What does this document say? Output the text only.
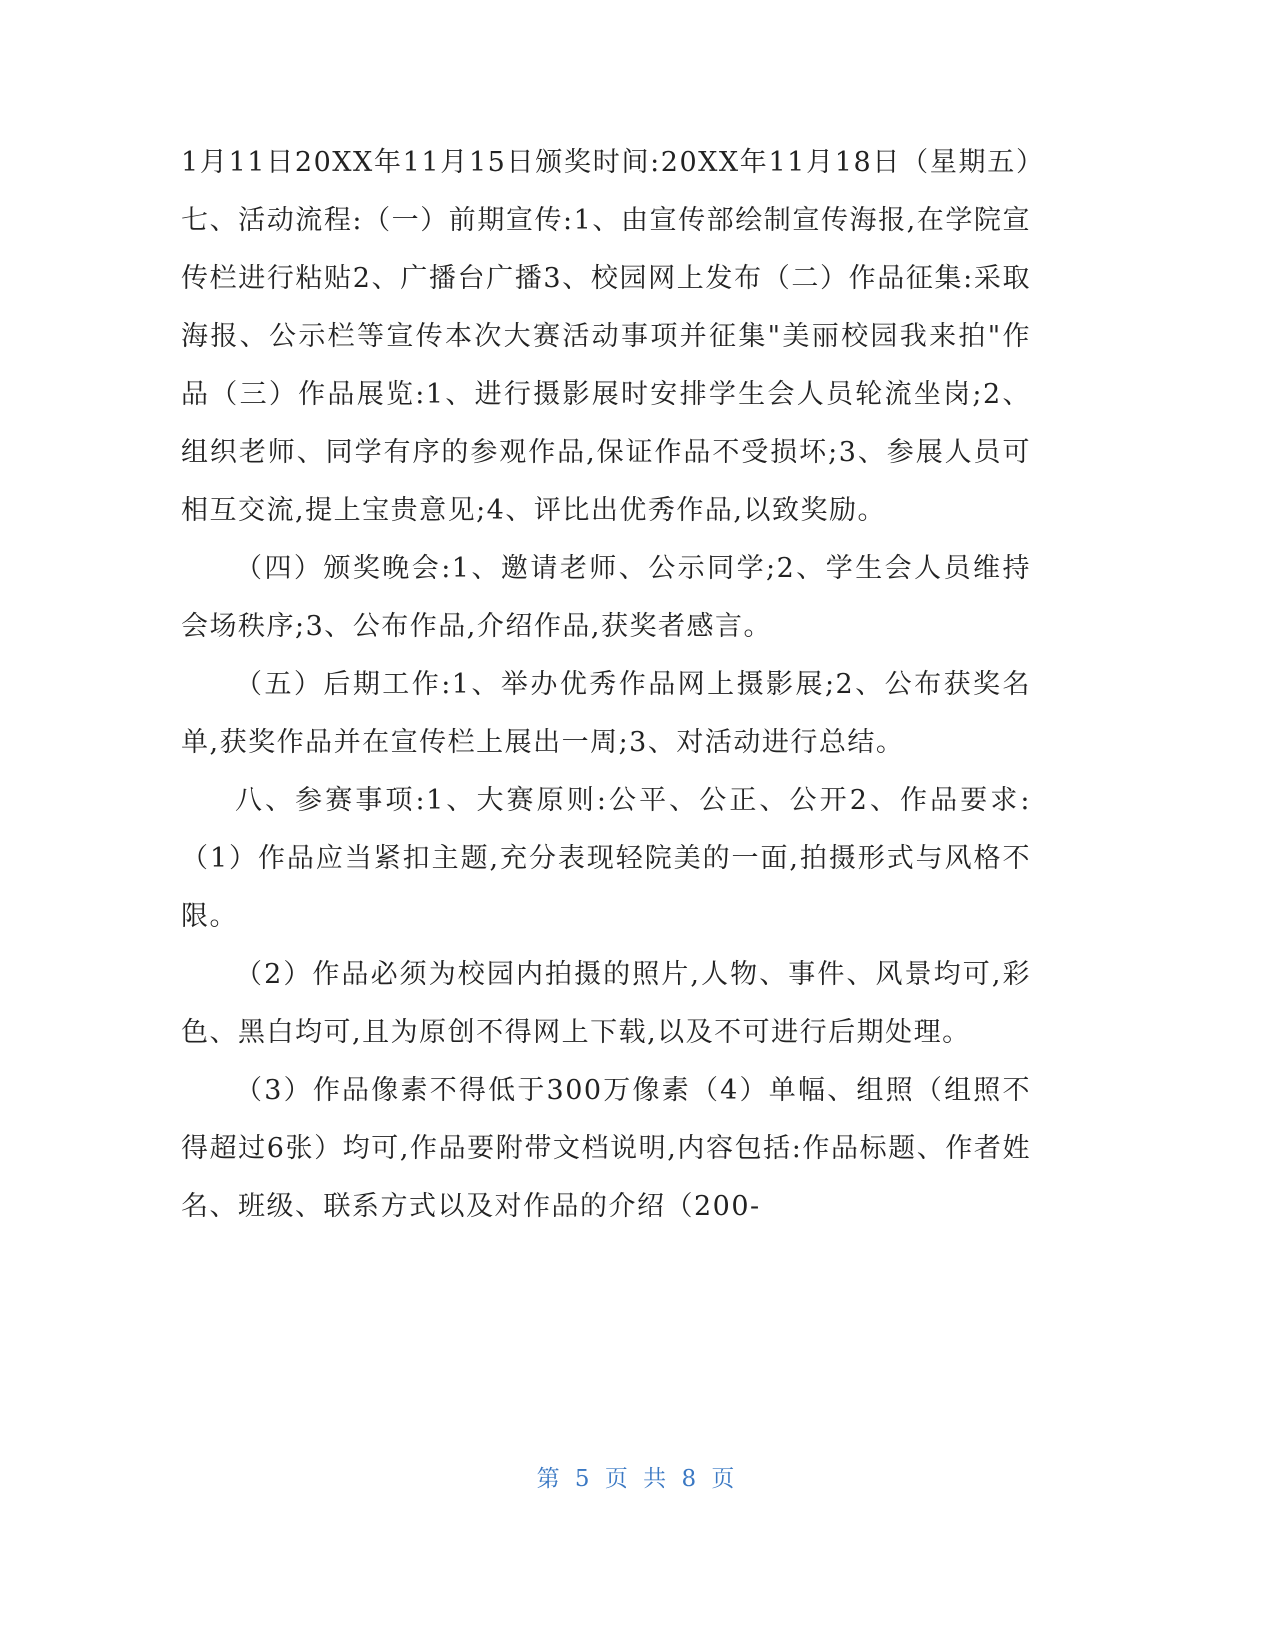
1月11日20XX年11月15日颁奖时间:20XX年11月18日（星期五）七、活动流程:（一）前期宣传:1、由宣传部绘制宣传海报,在学院宣传栏进行粘贴2、广播台广播3、校园网上发布（二）作品征集:采取海报、公示栏等宣传本次大赛活动事项并征集"美丽校园我来拍"作品（三）作品展览:1、进行摄影展时安排学生会人员轮流坐岗;2、组织老师、同学有序的参观作品,保证作品不受损坏;3、参展人员可相互交流,提上宝贵意见;4、评比出优秀作品,以致奖励。

（四）颁奖晚会:1、邀请老师、公示同学;2、学生会人员维持会场秩序;3、公布作品,介绍作品,获奖者感言。

（五）后期工作:1、举办优秀作品网上摄影展;2、公布获奖名单,获奖作品并在宣传栏上展出一周;3、对活动进行总结。

八、参赛事项:1、大赛原则:公平、公正、公开2、作品要求:（1）作品应当紧扣主题,充分表现轻院美的一面,拍摄形式与风格不限。

（2）作品必须为校园内拍摄的照片,人物、事件、风景均可,彩色、黑白均可,且为原创不得网上下载,以及不可进行后期处理。

（3）作品像素不得低于300万像素（4）单幅、组照（组照不得超过6张）均可,作品要附带文档说明,内容包括:作品标题、作者姓名、班级、联系方式以及对作品的介绍（200-

第 5 页 共 8 页
